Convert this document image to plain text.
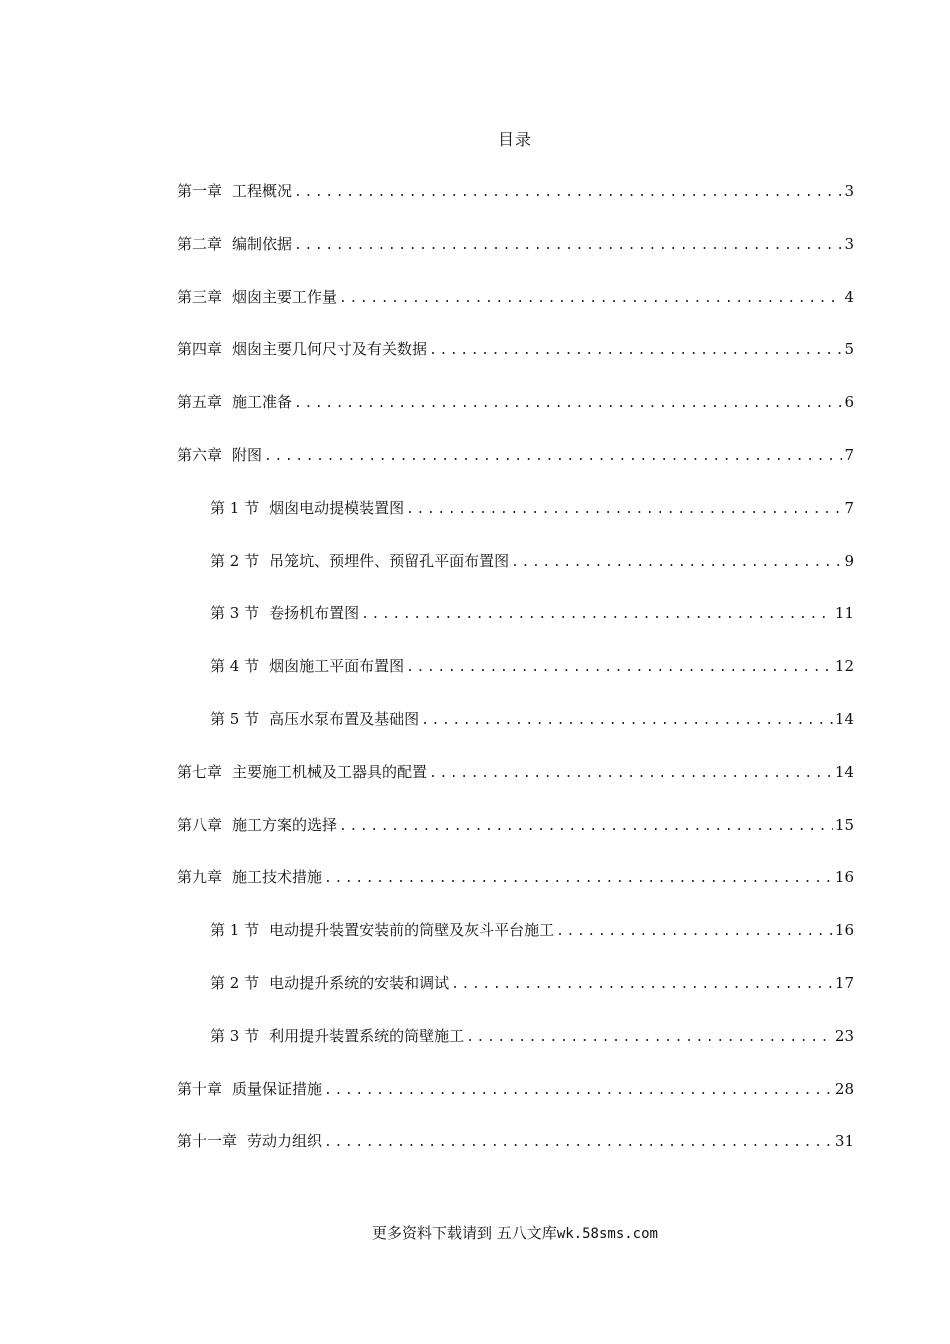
目录
第一章 工程概况 .....	3
第二章 编制依据 .....	3
第三章 烟囱主要工作量 .....	4
第四章 烟囱主要几何尺寸及有关数据 .....	5
第五章 施工准备 .....	6
第六章 附图 .....	7
第 1 节 烟囱电动提模装置图 .....	7
第 2 节 吊笼坑、预埋件、预留孔平面布置图 .....	9
第 3 节 卷扬机布置图 .....	11
第 4 节 烟囱施工平面布置图 .....	12
第 5 节 高压水泵布置及基础图 .....	14
第七章 主要施工机械及工器具的配置 .....	14
第八章 施工方案的选择 .....	15
第九章 施工技术措施 .....	16
第 1 节 电动提升装置安装前的筒壁及灰斗平台施工 .....	16
第 2 节 电动提升系统的安装和调试 .....	17
第 3 节 利用提升装置系统的筒壁施工 .....	23
第十章 质量保证措施 .....	28
第十一章 劳动力组织 .....	31
更多资料下载请到 五八文库wk.58sms.com
